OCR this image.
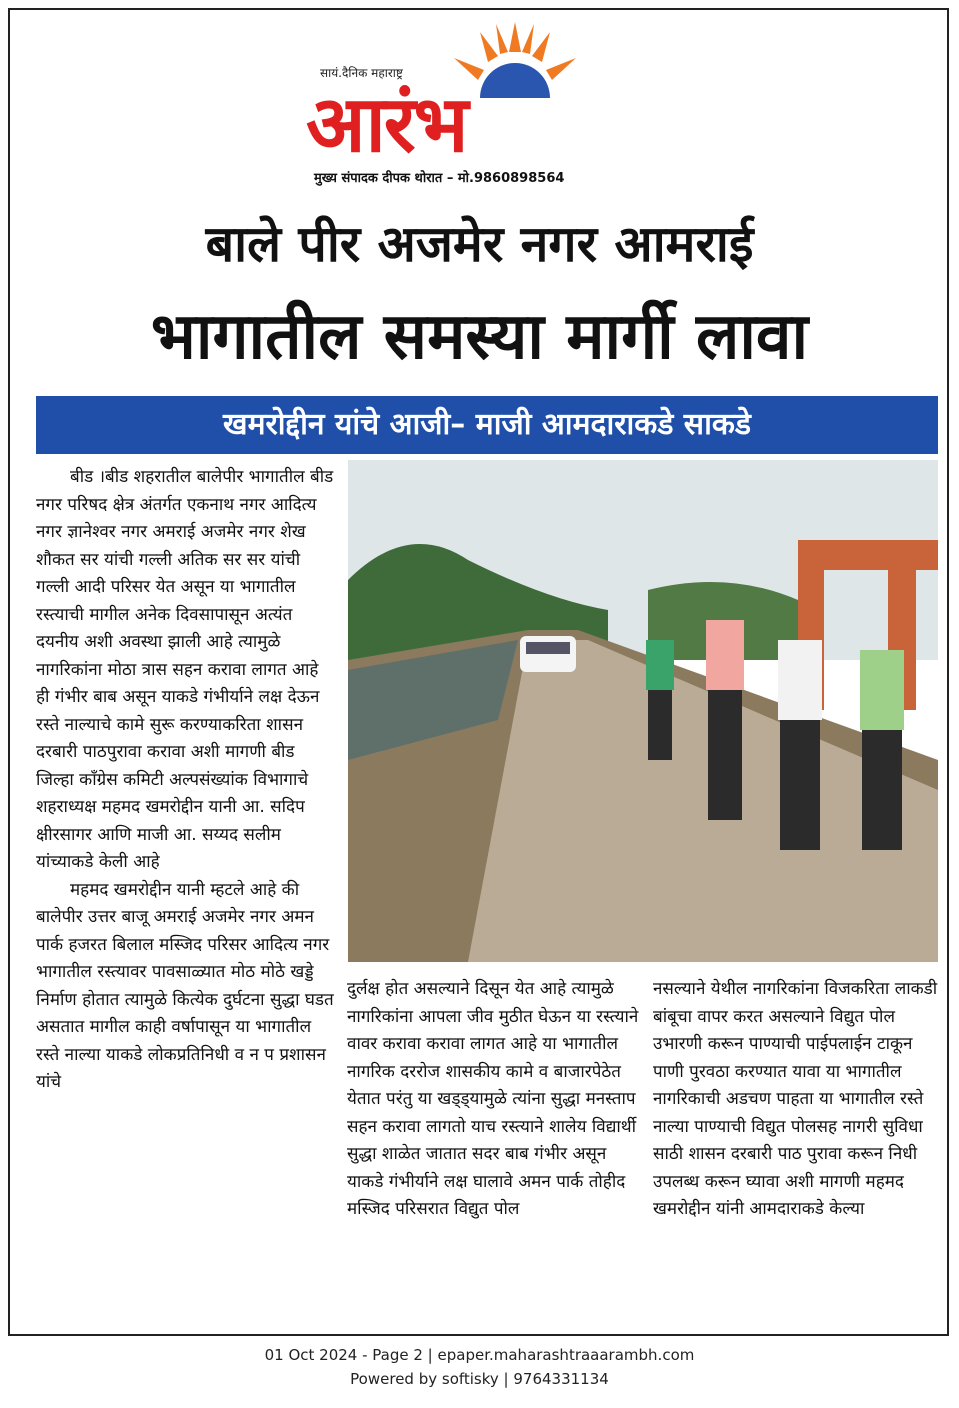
सायं.दैनिक महाराष्ट्र
आरंभ
मुख्य संपादक दीपक थोरात – मो.9860898564
बाले पीर अजमेर नगर आमराई
भागातील समस्या मार्गी लावा
खमरोद्दीन यांचे आजी– माजी आमदाराकडे साकडे

बीड ।बीड शहरातील बालेपीर भागातील बीड नगर परिषद क्षेत्र अंतर्गत एकनाथ नगर आदित्य नगर ज्ञानेश्वर नगर अमराई अजमेर नगर शेख शौकत सर यांची गल्ली अतिक सर सर यांची गल्ली आदी परिसर येत असून या भागातील रस्त्याची मागील अनेक दिवसापासून अत्यंत दयनीय अशी अवस्था झाली आहे त्यामुळे नागरिकांना मोठा त्रास सहन करावा लागत आहे ही गंभीर बाब असून याकडे गंभीर्याने लक्ष देऊन रस्ते नाल्याचे कामे सुरू करण्याकरिता शासन दरबारी पाठपुरावा करावा अशी मागणी बीड जिल्हा काँग्रेस कमिटी अल्पसंख्यांक विभागाचे शहराध्यक्ष महमद खमरोद्दीन यानी आ. सदिप क्षीरसागर आणि माजी आ. सय्यद सलीम यांच्याकडे केली आहे

महमद खमरोद्दीन यानी म्हटले आहे की बालेपीर उत्तर बाजू अमराई अजमेर नगर अमन पार्क हजरत बिलाल मस्जिद परिसर आदित्य नगर भागातील रस्त्यावर पावसाळ्यात मोठ मोठे खड्डे निर्माण होतात त्यामुळे कित्येक दुर्घटना सुद्धा घडत असतात मागील काही वर्षापासून या भागातील रस्ते नाल्या याकडे लोकप्रतिनिधी व न प प्रशासन यांचे

दुर्लक्ष होत असल्याने दिसून येत आहे त्यामुळे नागरिकांना आपला जीव मुठीत घेऊन या रस्त्याने वावर करावा करावा लागत आहे या भागातील नागरिक दररोज शासकीय कामे व बाजारपेठेत येतात परंतु या खड्ड्यामुळे त्यांना सुद्धा मनस्ताप सहन करावा लागतो याच रस्त्याने शालेय विद्यार्थी सुद्धा शाळेत जातात सदर बाब गंभीर असून याकडे गंभीर्याने लक्ष घालावे अमन पार्क तोहीद मस्जिद परिसरात विद्युत पोल

नसल्याने येथील नागरिकांना विजकरिता लाकडी बांबूचा वापर करत असल्याने विद्युत पोल उभारणी करून पाण्याची पाईपलाईन टाकून पाणी पुरवठा करण्यात यावा या भागातील नागरिकाची अडचण पाहता या भागातील रस्ते नाल्या पाण्याची विद्युत पोलसह नागरी सुविधा साठी शासन दरबारी पाठ पुरावा करून निधी उपलब्ध करून घ्यावा अशी मागणी महमद खमरोद्दीन यांनी आमदाराकडे केल्या

01 Oct 2024 - Page 2 | epaper.maharashtraaarambh.com
Powered by softisky | 9764331134
